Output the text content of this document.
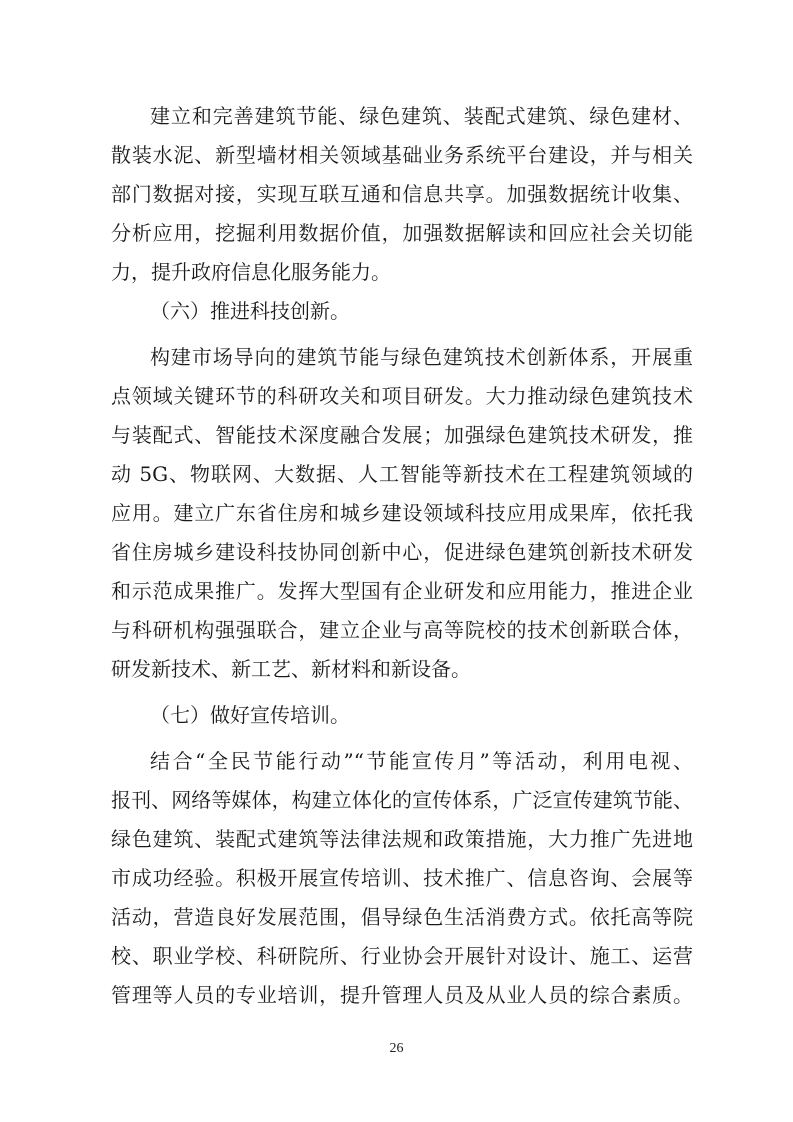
建立和完善建筑节能、绿色建筑、装配式建筑、绿色建材、
散装水泥、新型墙材相关领域基础业务系统平台建设，并与相关
部门数据对接，实现互联互通和信息共享。加强数据统计收集、
分析应用，挖掘利用数据价值，加强数据解读和回应社会关切能
力，提升政府信息化服务能力。
（六）推进科技创新。
构建市场导向的建筑节能与绿色建筑技术创新体系，开展重
点领域关键环节的科研攻关和项目研发。大力推动绿色建筑技术
与装配式、智能技术深度融合发展；加强绿色建筑技术研发，推
动 5G、物联网、大数据、人工智能等新技术在工程建筑领域的
应用。建立广东省住房和城乡建设领域科技应用成果库，依托我
省住房城乡建设科技协同创新中心，促进绿色建筑创新技术研发
和示范成果推广。发挥大型国有企业研发和应用能力，推进企业
与科研机构强强联合，建立企业与高等院校的技术创新联合体，
研发新技术、新工艺、新材料和新设备。
（七）做好宣传培训。
结合“全民节能行动”“节能宣传月”等活动，利用电视、
报刊、网络等媒体，构建立体化的宣传体系，广泛宣传建筑节能、
绿色建筑、装配式建筑等法律法规和政策措施，大力推广先进地
市成功经验。积极开展宣传培训、技术推广、信息咨询、会展等
活动，营造良好发展范围，倡导绿色生活消费方式。依托高等院
校、职业学校、科研院所、行业协会开展针对设计、施工、运营
管理等人员的专业培训，提升管理人员及从业人员的综合素质。
26
